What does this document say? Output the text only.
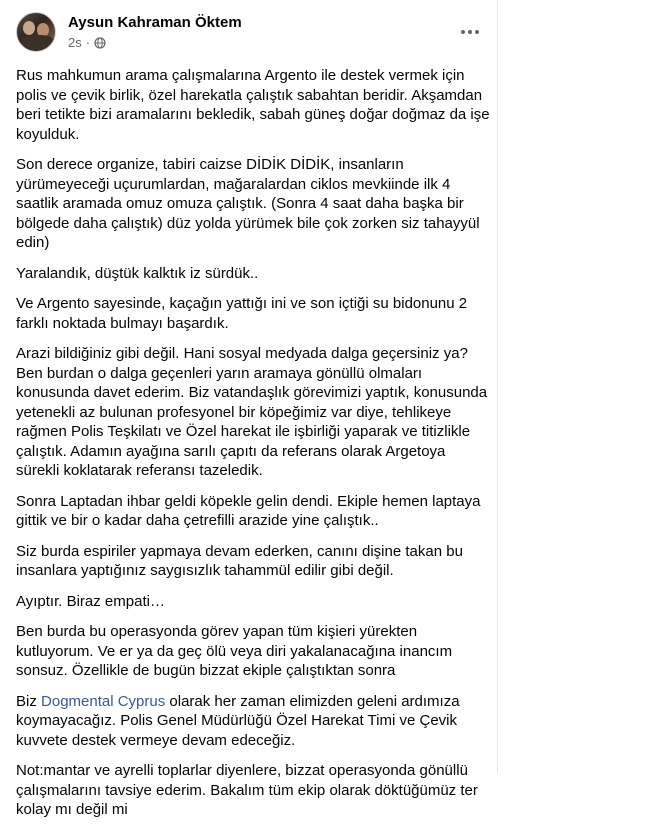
Aysun Kahraman Öktem
2s ·

Rus mahkumun arama çalışmalarına Argento ile destek vermek için polis ve çevik birlik, özel harekatla çalıştık sabahtan beridir. Akşamdan beri tetikte bizi aramalarını bekledik, sabah güneş doğar doğmaz da işe koyulduk.

Son derece organize, tabiri caizse DİDİK DİDİK, insanların yürümeyeceği uçurumlardan, mağaralardan ciklos mevkiinde ilk 4 saatlik aramada omuz omuza çalıştık. (Sonra 4 saat daha başka bir bölgede daha çalıştık) düz yolda yürümek bile çok zorken siz tahayyül edin)

Yaralandık, düştük kalktık iz sürdük..

Ve Argento sayesinde, kaçağın yattığı ini ve son içtiği su bidonunu 2 farklı noktada bulmayı başardık.

Arazi bildiğiniz gibi değil. Hani sosyal medyada dalga geçersiniz ya? Ben burdan o dalga geçenleri yarın aramaya gönüllü olmaları konusunda davet ederim. Biz vatandaşlık görevimizi yaptık, konusunda yetenekli az bulunan profesyonel bir köpeğimiz var diye, tehlikeye rağmen Polis Teşkilatı ve Özel harekat ile işbirliği yaparak ve titizlikle çalıştık. Adamın ayağına sarılı çapıtı da referans olarak Argetoya sürekli koklatarak referansı tazeledik.

Sonra Laptadan ihbar geldi köpekle gelin dendi. Ekiple hemen laptaya gittik ve bir o kadar daha çetrefilli arazide yine çalıştık..

Siz burda espiriler yapmaya devam ederken, canını dişine takan bu insanlara yaptığınız saygısızlık tahammül edilir gibi değil.

Ayıptır. Biraz empati…

Ben burda bu operasyonda görev yapan tüm kişieri yürekten kutluyorum. Ve er ya da geç ölü veya diri yakalanacağına inancım sonsuz. Özellikle de bugün bizzat ekiple çalıştıktan sonra

Biz Dogmental Cyprus olarak her zaman elimizden geleni ardımıza koymayacağız. Polis Genel Müdürlüğü Özel Harekat Timi ve Çevik kuvvete destek vermeye devam edeceğiz.

Not:mantar ve ayrelli toplarlar diyenlere, bizzat operasyonda gönüllü çalışmalarını tavsiye ederim. Bakalım tüm ekip olarak döktüğümüz ter kolay mı değil mi
